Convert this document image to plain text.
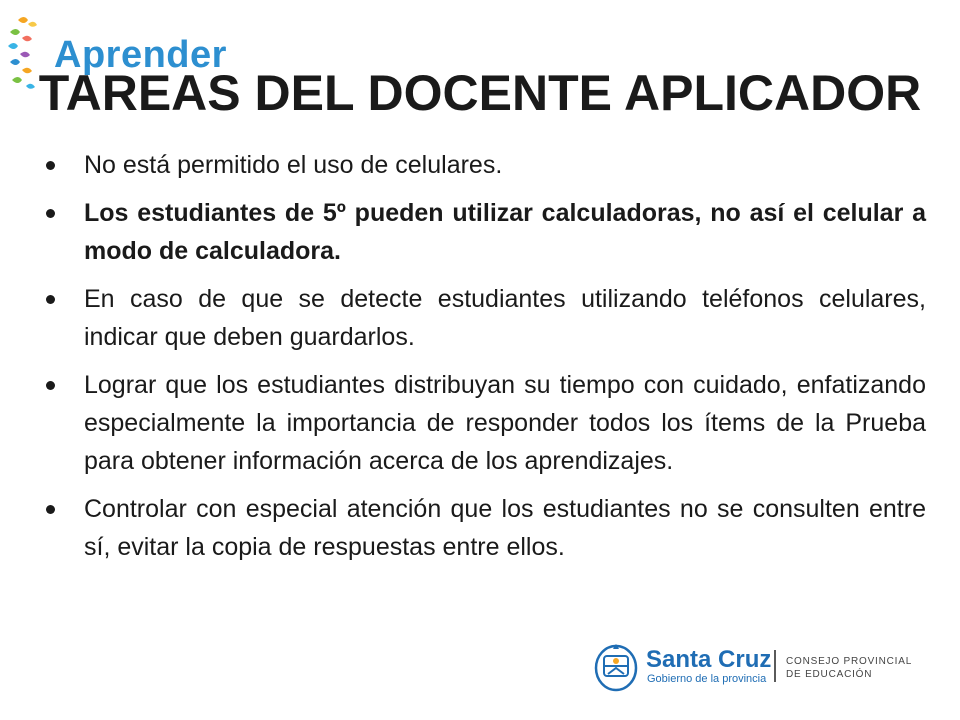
Aprender
TAREAS DEL DOCENTE APLICADOR
No está permitido el uso de celulares.
Los estudiantes de 5º pueden utilizar calculadoras, no así el celular a modo de calculadora.
En caso de que se detecte estudiantes utilizando teléfonos celulares, indicar que deben guardarlos.
Lograr que los estudiantes distribuyan su tiempo con cuidado, enfatizando especialmente la importancia de responder todos los ítems de la Prueba para obtener información acerca de los aprendizajes.
Controlar con especial atención que los estudiantes no se consulten entre sí, evitar la copia de respuestas entre ellos.
Santa Cruz
Gobierno de la provincia
CONSEJO PROVINCIAL
DE EDUCACIÓN
